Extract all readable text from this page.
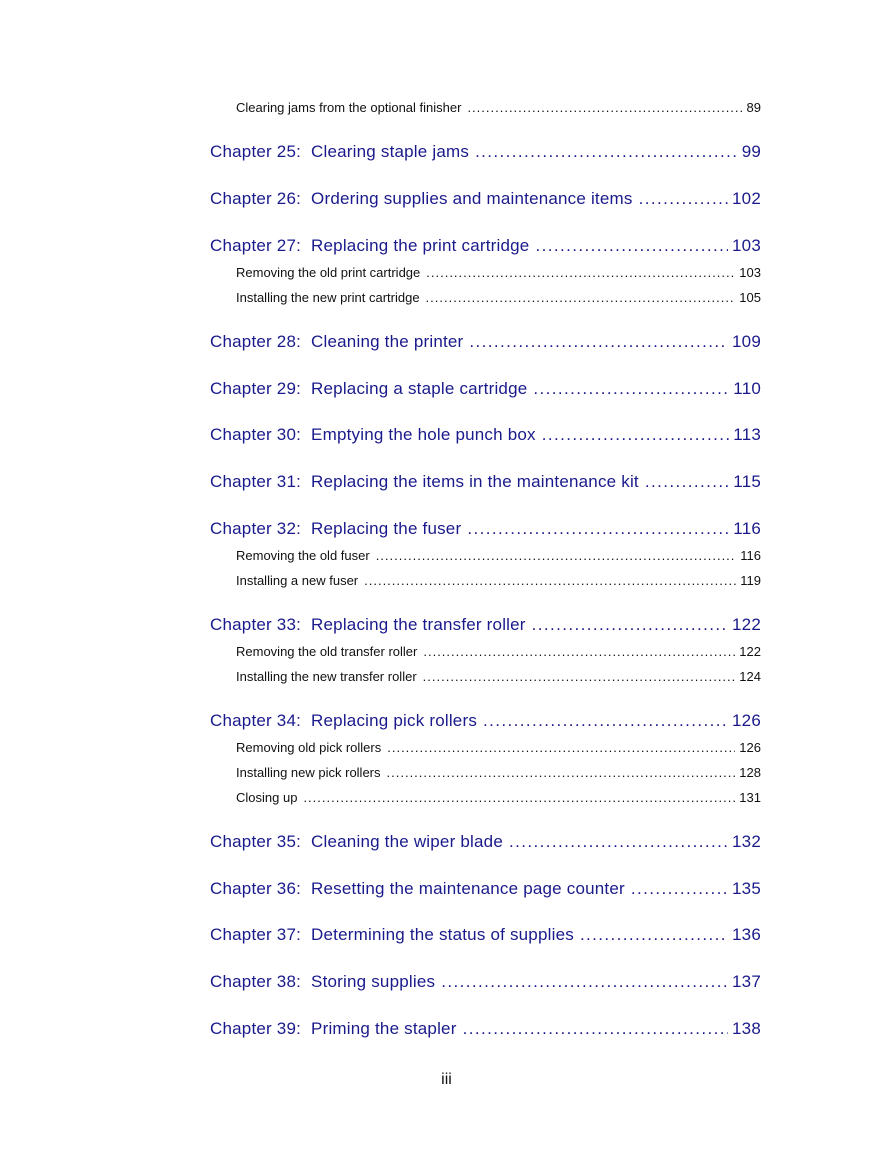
Clearing jams from the optional finisher .....	89
Chapter 25: Clearing staple jams .....	99
Chapter 26: Ordering supplies and maintenance items .....	102
Chapter 27: Replacing the print cartridge .....	103
Removing the old print cartridge .....	103
Installing the new print cartridge .....	105
Chapter 28: Cleaning the printer .....	109
Chapter 29: Replacing a staple cartridge .....	110
Chapter 30: Emptying the hole punch box .....	113
Chapter 31: Replacing the items in the maintenance kit .....	115
Chapter 32: Replacing the fuser .....	116
Removing the old fuser .....	116
Installing a new fuser .....	119
Chapter 33: Replacing the transfer roller .....	122
Removing the old transfer roller .....	122
Installing the new transfer roller .....	124
Chapter 34: Replacing pick rollers .....	126
Removing old pick rollers .....	126
Installing new pick rollers .....	128
Closing up .....	131
Chapter 35: Cleaning the wiper blade .....	132
Chapter 36: Resetting the maintenance page counter .....	135
Chapter 37: Determining the status of supplies .....	136
Chapter 38: Storing supplies .....	137
Chapter 39: Priming the stapler .....	138
iii
